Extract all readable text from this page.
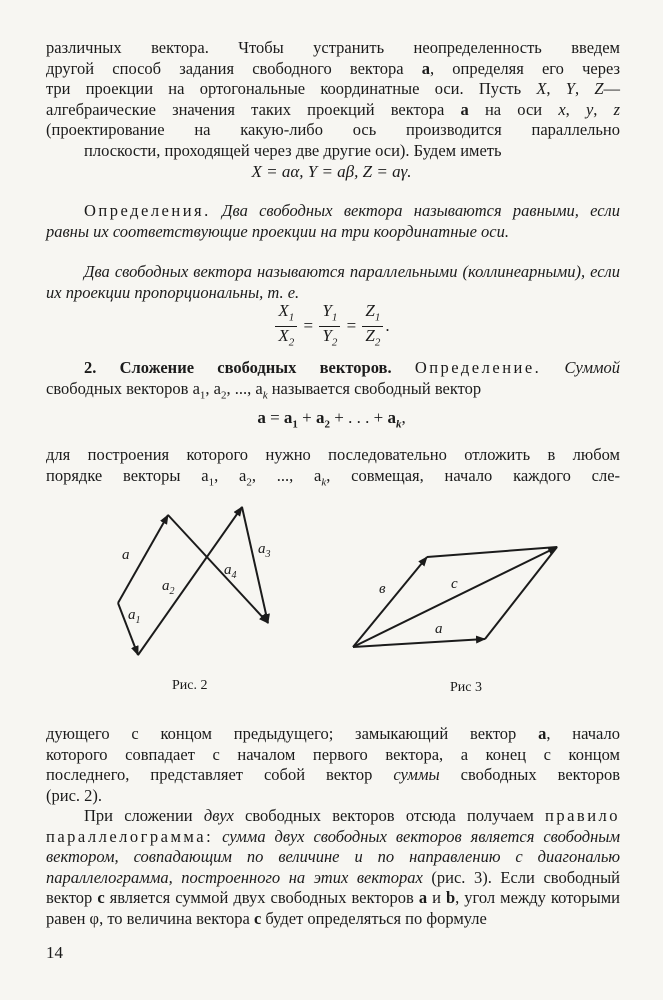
различных вектора. Чтобы устранить неопределенность введем
другой способ задания свободного вектора a, определяя его через
три проекции на ортогональные координатные оси. Пусть X, Y, Z—
алгебраические значения таких проекций вектора a на оси x, y, z
(проектирование на какую-либо ось производится параллельно
плоскости, проходящей через две другие оси). Будем иметь
X = aα, Y = aβ, Z = aγ.
Определения. Два свободных вектора называются равными, если равны их соответствующие проекции на три координатные оси.
Два свободных вектора называются параллельными (коллинеарными), если их проекции пропорциональны, т. е.
$\frac{X_1}{X_2} = \frac{Y_1}{Y_2} = \frac{Z_1}{Z_2}$ .
2. Сложение свободных векторов. Определение. Суммой
свободных векторов $a_1$, $a_2$, ..., $a_k$ называется свободный вектор
$a = a_1 + a_2$ + . . . + $a_k$,
для построения которого нужно последовательно отложить в любом
порядке векторы $a_1$, $a_2$, ..., $a_k$, совмещая, начало каждого сле-
a
$a_1$
$a_2$
$a_3$
$a_4$
Рис. 2
в	c
a
Рис 3
дующего с концом предыдущего; замыкающий вектор a, начало
которого совпадает с началом первого вектора, а конец с концом
последнего, представляет собой вектор суммы свободных векторов
(рис. 2).
При сложении двух свободных векторов отсюда получаем правило параллелограмма: сумма двух свободных векторов является свободным вектором, совпадающим по величине и по направлению с диагональю параллелограмма, построенного на этих векторах (рис. 3). Если свободный вектор c является суммой двух свободных векторов a и b, угол между которыми равен φ, то величина вектора c будет определяться по формуле
14
